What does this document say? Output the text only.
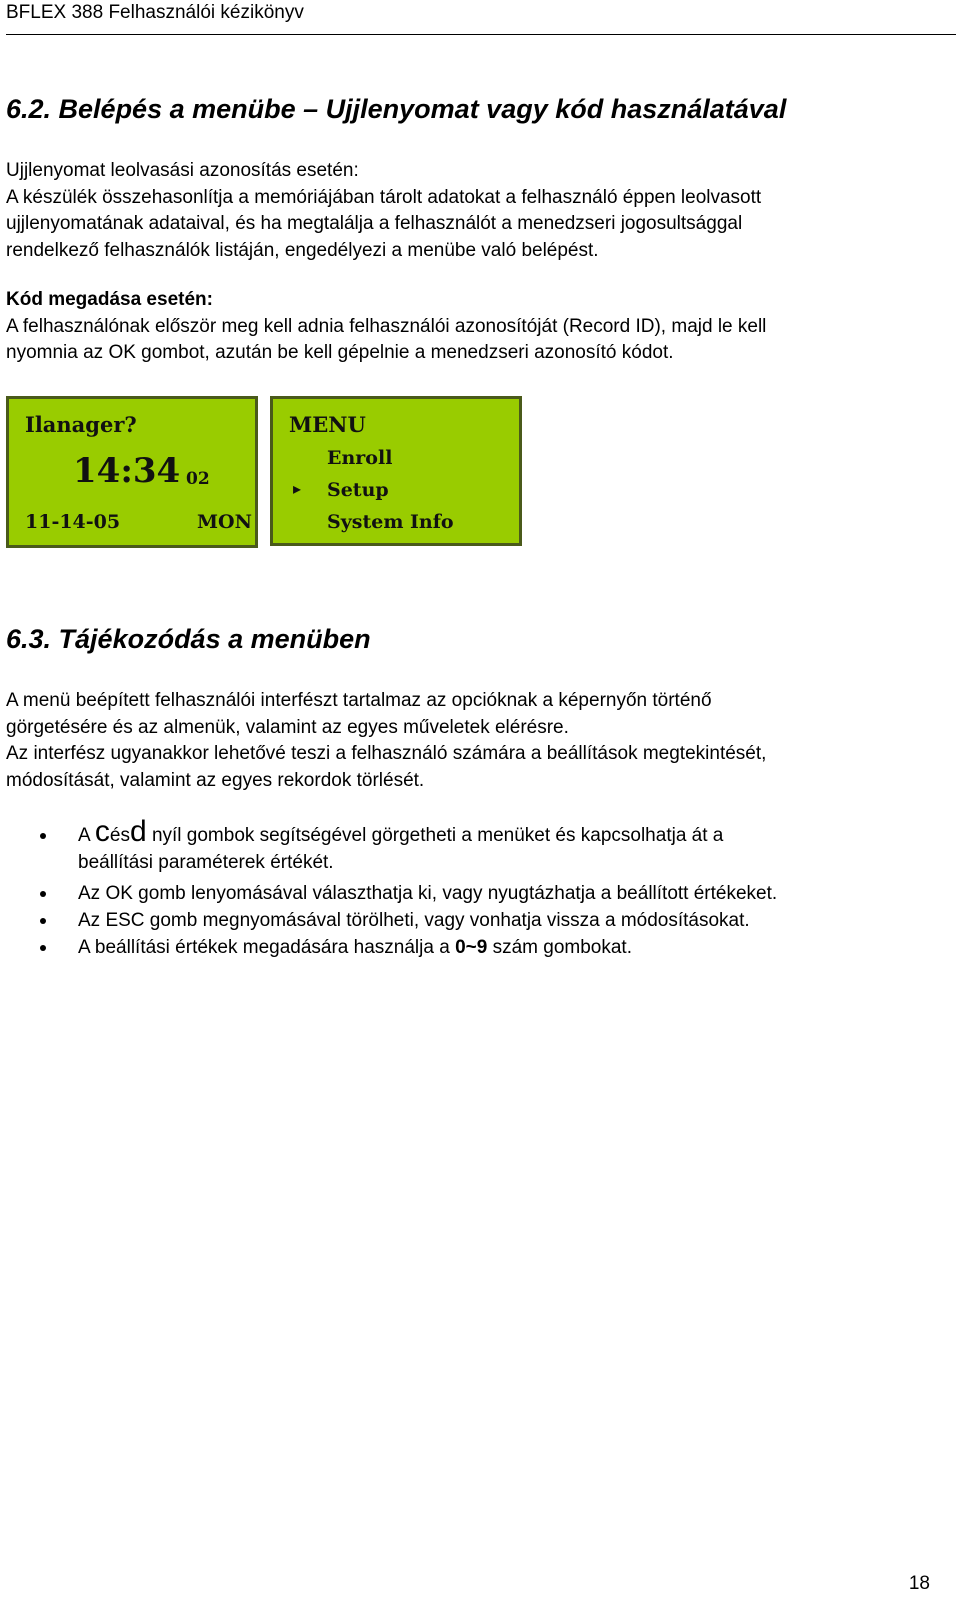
BFLEX 388 Felhasználói kézikönyv
6.2. Belépés a menübe – Ujjlenyomat vagy kód használatával
Ujjlenyomat leolvasási azonosítás esetén:
A készülék összehasonlítja a memóriájában tárolt adatokat a felhasználó éppen leolvasott
ujjlenyomatának adataival, és ha megtalálja a felhasználót a menedzseri jogosultsággal
rendelkező felhasználók listáján, engedélyezi a menübe való belépést.
Kód megadása esetén:
A felhasználónak először meg kell adnia felhasználói azonosítóját (Record ID), majd le kell
nyomnia az OK gombot, azután be kell gépelnie a menedzseri azonosító kódot.
Ilanager?
14:34 02
11-14-05	MON
MENU
Enroll
▸ Setup
System Info
6.3. Tájékozódás a menüben
A menü beépített felhasználói interfészt tartalmaz az opcióknak a képernyőn történő
görgetésére és az almenük, valamint az egyes műveletek elérésre.
Az interfész ugyanakkor lehetővé teszi a felhasználó számára a beállítások megtekintését,
módosítását, valamint az egyes rekordok törlését.
A césd nyíl gombok segítségével görgetheti a menüket és kapcsolhatja át a
beállítási paraméterek értékét.
Az OK gomb lenyomásával választhatja ki, vagy nyugtázhatja a beállított értékeket.
Az ESC gomb megnyomásával törölheti, vagy vonhatja vissza a módosításokat.
A beállítási értékek megadására használja a 0~9 szám gombokat.
18
